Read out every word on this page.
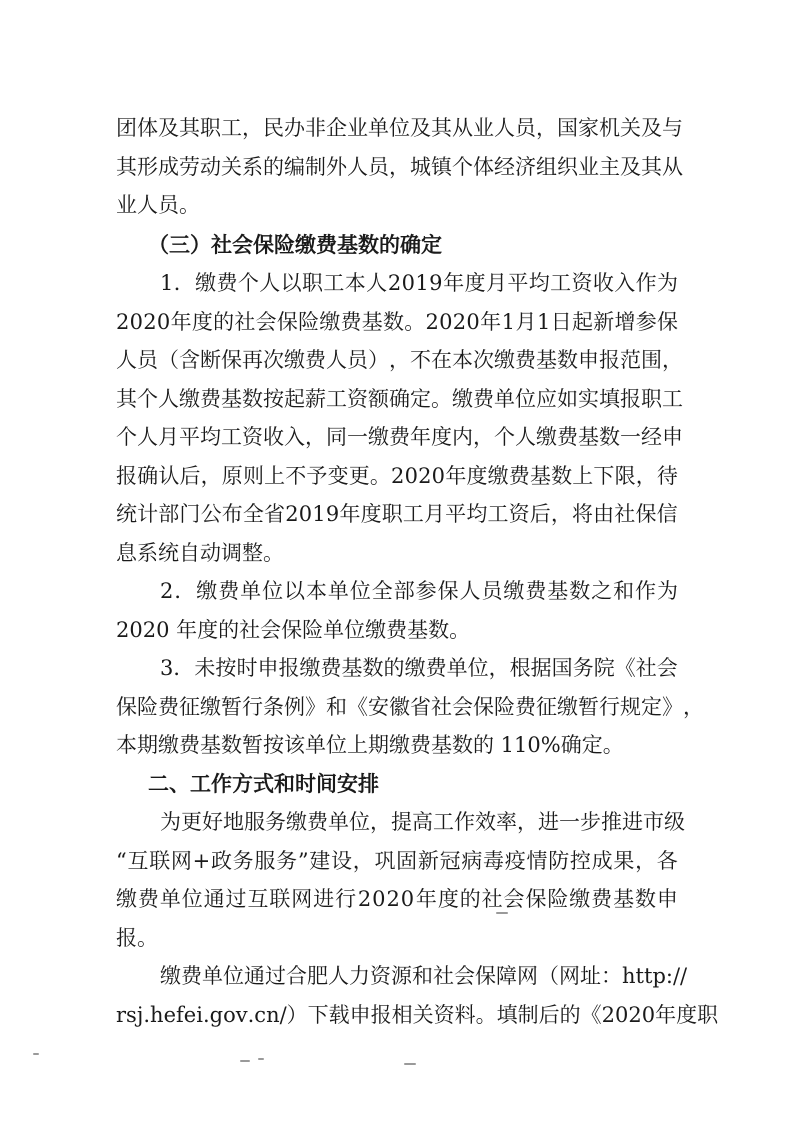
团 体 及 其 职 工 ， 民 办 非 企 业 单 位 及 其 从 业 人 员 ， 国 家 机 关 及 与
其 形 成 劳 动 关 系 的 编 制 外 人 员 ， 城 镇 个 体 经 济 组 织 业 主 及 其 从
业人员。
（三）社会保险缴费基数的确定
1 ． 缴 费 个 人 以 职 工 本 人 2 0 1 9 年 度 月 平 均 工 资 收 入 作 为
2 0 2 0 年 度 的 社 会 保 险 缴 费 基 数 。 2 0 2 0 年 1 月 1 日 起 新 增 参 保
人 员 （ 含 断 保 再 次 缴 费 人 员 ） ， 不 在 本 次 缴 费 基 数 申 报 范 围 ，
其 个 人 缴 费 基 数 按 起 薪 工 资 额 确 定 。 缴 费 单 位 应 如 实 填 报 职 工
个 人 月 平 均 工 资 收 入 ， 同 一 缴 费 年 度 内 ， 个 人 缴 费 基 数 一 经 申
报 确 认 后 ， 原 则 上 不 予 变 更 。 2 0 2 0 年 度 缴 费 基 数 上 下 限 ， 待
统 计 部 门 公 布 全 省 2 0 1 9 年 度 职 工 月 平 均 工 资 后 ， 将 由 社 保 信
息系统自动调整。
2 ． 缴 费 单 位 以 本 单 位 全 部 参 保 人 员 缴 费 基 数 之 和 作 为
2020 年度的社会保险单位缴费基数。
3 ． 未 按 时 申 报 缴 费 基 数 的 缴 费 单 位 ， 根 据 国 务 院 《 社 会
保 险 费 征 缴 暂 行 条 例 》 和 《 安 徽 省 社 会 保 险 费 征 缴 暂 行 规 定 》 ，
本期缴费基数暂按该单位上期缴费基数的 110%确定。
二、工作方式和时间安排
为 更 好 地 服 务 缴 费 单 位 ， 提 高 工 作 效 率 ， 进 一 步 推 进 市 级
“ 互 联 网 + 政 务 服 务 ” 建 设 ， 巩 固 新 冠 病 毒 疫 情 防 控 成 果 ， 各
缴 费 单 位 通 过 互 联 网 进 行 2 0 2 0 年 度 的 社 会 保 险 缴 费 基 数 申
报。
缴 费 单 位 通 过 合 肥 人 力 资 源 和 社 会 保 障 网 （ 网 址 ： h t t p : / /
r s j . h e f e i . g o v . c n / ） 下 载 申 报 相 关 资 料 。 填 制 后 的 《 2 0 2 0 年 度 职
